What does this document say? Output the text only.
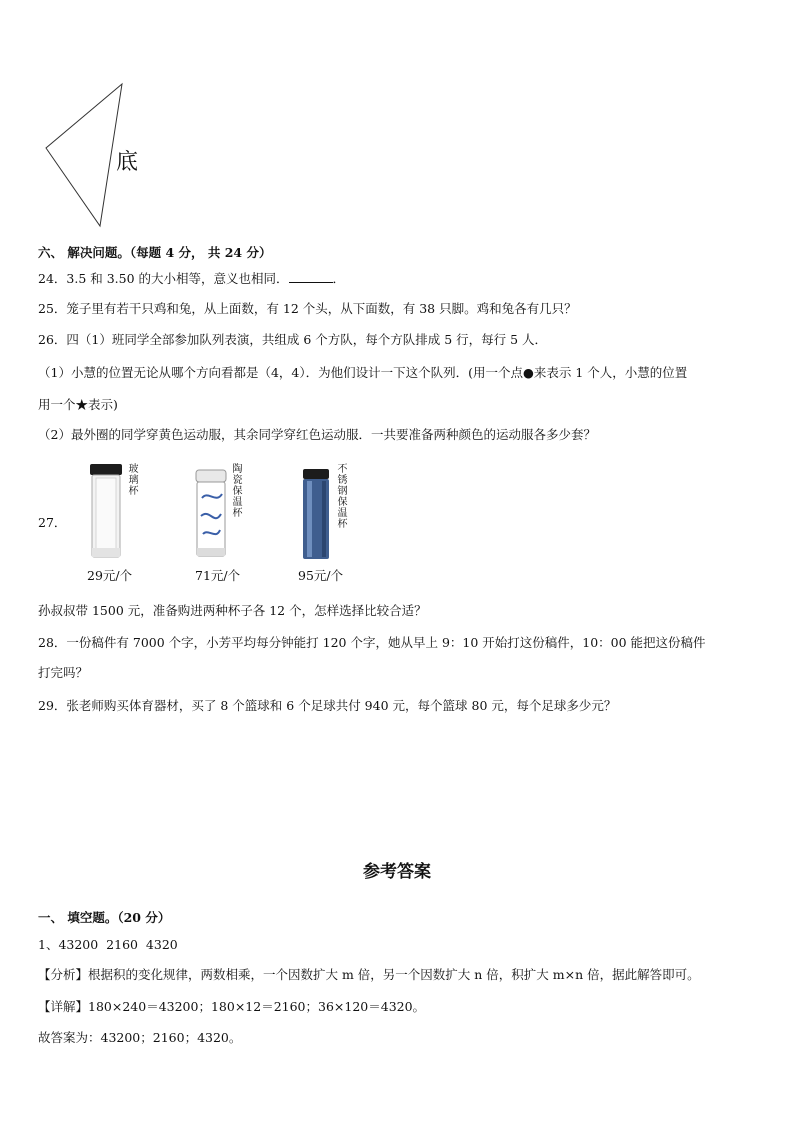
底
六、 解决问题。（每题 4 分， 共 24 分）
24．3.5 和 3.50 的大小相等，意义也相同．	．
25．笼子里有若干只鸡和兔，从上面数，有 12 个头，从下面数，有 38 只脚。鸡和兔各有几只？
26．四（1）班同学全部参加队列表演，共组成 6 个方队，每个方队排成 5 行，每行 5 人．
（1）小慧的位置无论从哪个方向看都是（4，4）．为他们设计一下这个队列．(用一个点●来表示 1 个人，小慧的位置
用一个★表示)
（2）最外圈的同学穿黄色运动服，其余同学穿红色运动服．一共要准备两种颜色的运动服各多少套？
27．
玻璃杯
29元/个
陶瓷保温杯
71元/个
不锈钢保温杯
95元/个
孙叔叔带 1500 元，准备购进两种杯子各 12 个，怎样选择比较合适？
28．一份稿件有 7000 个字，小芳平均每分钟能打 120 个字，她从早上 9：10 开始打这份稿件，10：00 能把这份稿件
打完吗？
29．张老师购买体育器材，买了 8 个篮球和 6 个足球共付 940 元，每个篮球 80 元，每个足球多少元？
参考答案
一、 填空题。（20 分）
1、43200  2160  4320
【分析】根据积的变化规律，两数相乘，一个因数扩大 m 倍，另一个因数扩大 n 倍，积扩大 m×n 倍，据此解答即可。
【详解】180×240＝43200；180×12＝2160；36×120＝4320。
故答案为：43200；2160；4320。
